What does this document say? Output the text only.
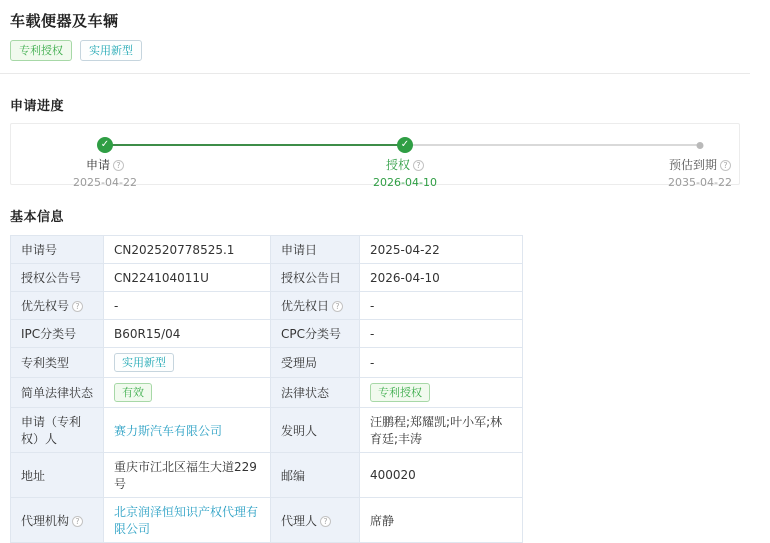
车载便器及车辆
专利授权	实用新型
申请进度
✓
申请?
2025-04-22
✓
授权?
2026-04-10
预估到期?
2035-04-22
基本信息
申请号	CN202520778525.1	申请日	2025-04-22
授权公告号	CN224104011U	授权公告日	2026-04-10
优先权号?	-	优先权日?	-
IPC分类号	B60R15/04	CPC分类号	-
专利类型	实用新型	受理局	-
简单法律状态	有效	法律状态	专利授权
申请（专利权）人	赛力斯汽车有限公司	发明人	汪鹏程;郑耀凯;叶小军;林育廷;丰涛
地址	重庆市江北区福生大道229号	邮编	400020
代理机构?	北京润泽恒知识产权代理有限公司	代理人?	席静
